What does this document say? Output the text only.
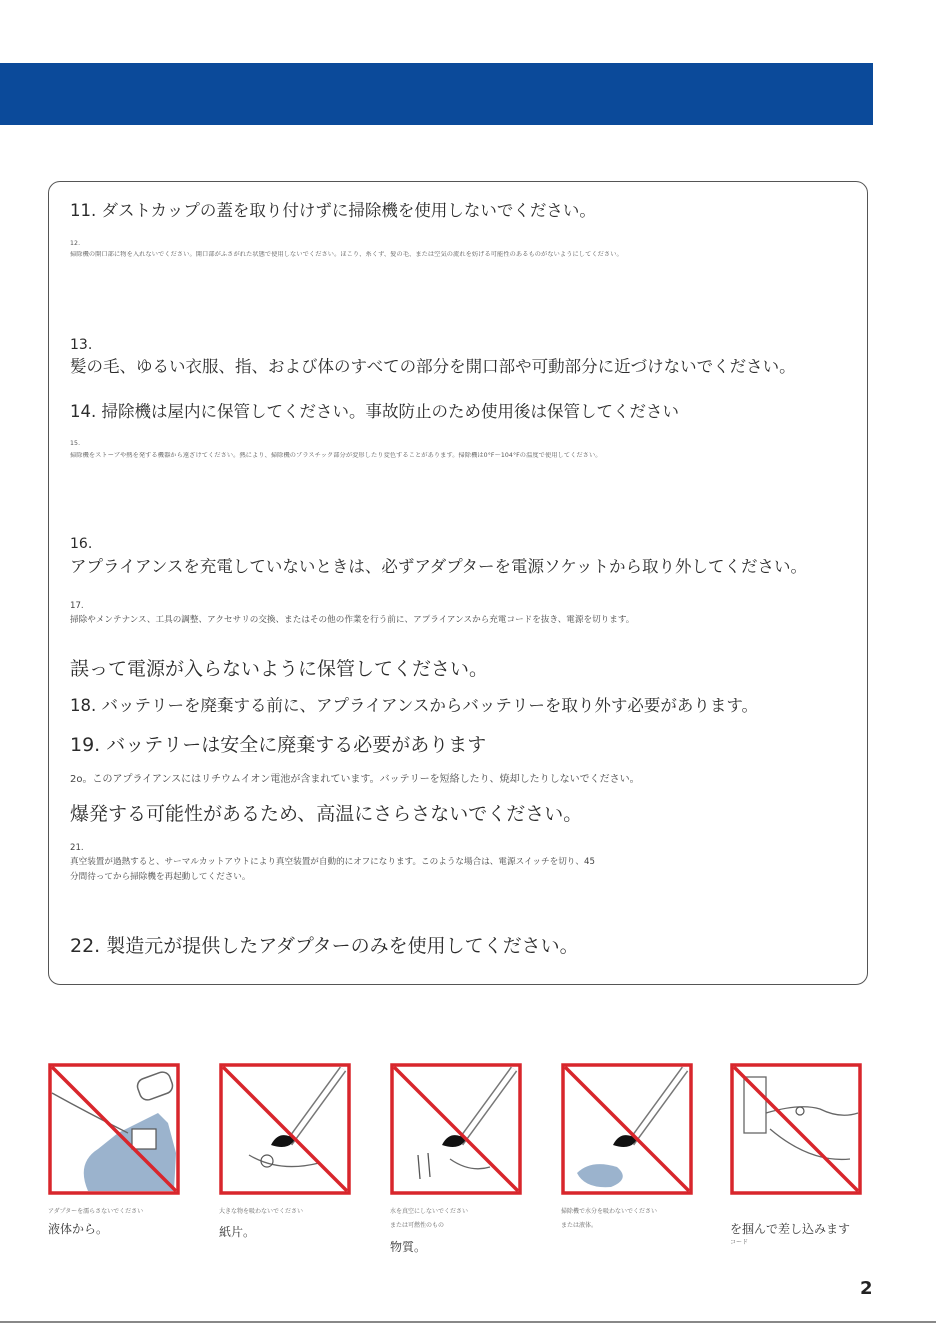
11. ダストカップの蓋を取り付けずに掃除機を使用しないでください。
12.
掃除機の開口部に物を入れないでください。開口部がふさがれた状態で使用しないでください。ほこり、糸くず、髪の毛、または空気の流れを妨げる可能性のあるものがないようにしてください。
13.
髪の毛、ゆるい衣服、指、および体のすべての部分を開口部や可動部分に近づけないでください。
14. 掃除機は屋内に保管してください。事故防止のため使用後は保管してください
15.
掃除機をストーブや熱を発する機器から遠ざけてください。熱により、掃除機のプラスチック部分が変形したり変色することがあります。掃除機は0°F〜104°Fの温度で使用してください。
16.
アプライアンスを充電していないときは、必ずアダプターを電源ソケットから取り外してください。
17.
掃除やメンテナンス、工具の調整、アクセサリの交換、またはその他の作業を行う前に、アプライアンスから充電コードを抜き、電源を切ります。
誤って電源が入らないように保管してください。
18. バッテリーを廃棄する前に、アプライアンスからバッテリーを取り外す必要があります。
19. バッテリーは安全に廃棄する必要があります
2o。このアプライアンスにはリチウムイオン電池が含まれています。バッテリーを短絡したり、焼却したりしないでください。
爆発する可能性があるため、高温にさらさないでください。
21.
真空装置が過熱すると、サーマルカットアウトにより真空装置が自動的にオフになります。このような場合は、電源スイッチを切り、45
分間待ってから掃除機を再起動してください。
22. 製造元が提供したアダプターのみを使用してください。
アダプターを濡らさないでください
液体から。
大きな物を吸わないでください
紙片。
水を真空にしないでください
または可燃性のもの
物質。
掃除機で水分を吸わないでください
または液体。	を掴んで差し込みます
コード
2
